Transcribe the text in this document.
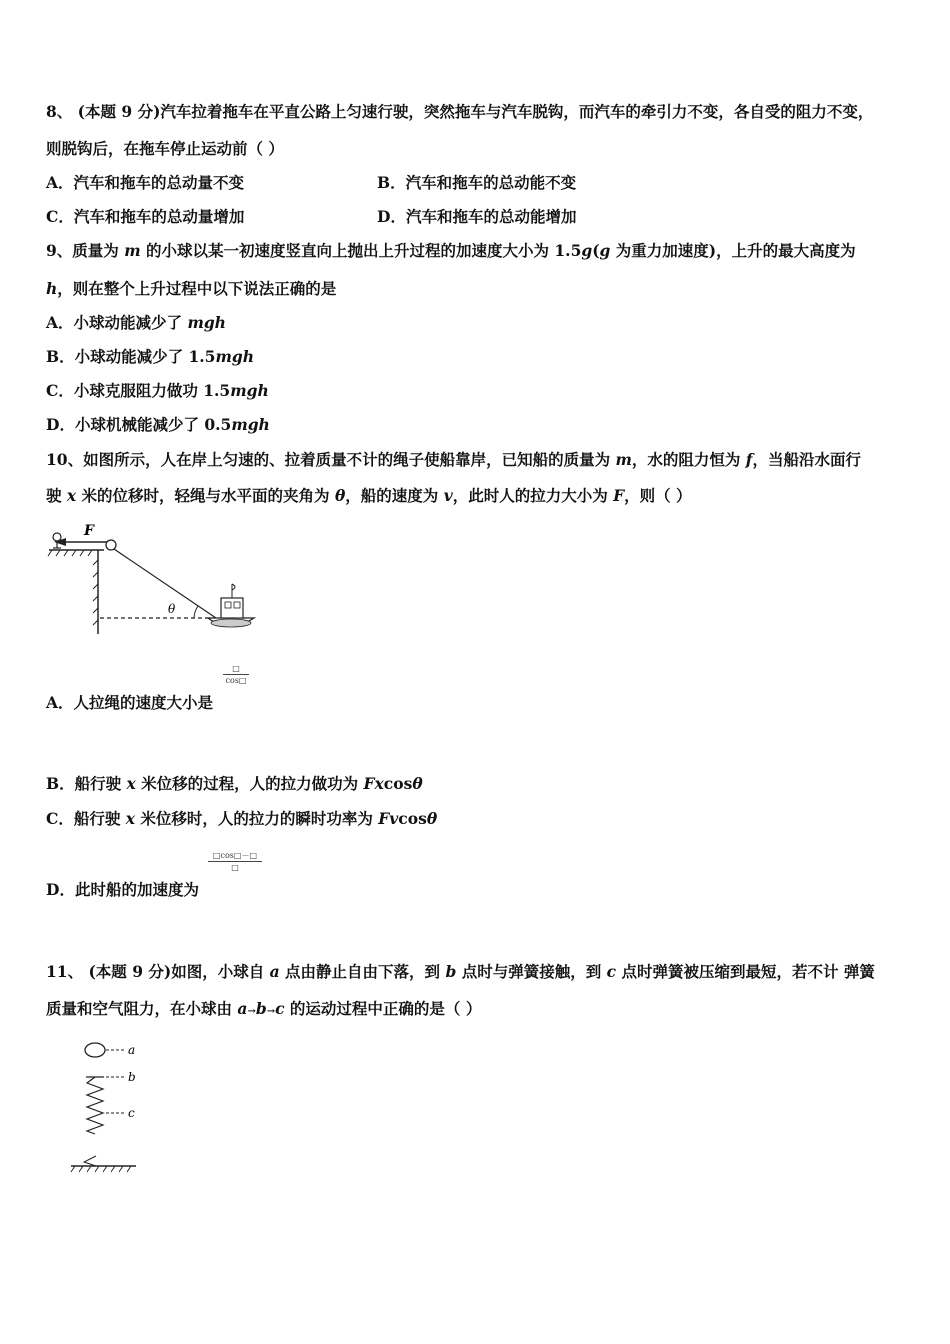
8、 (本题 9 分)汽车拉着拖车在平直公路上匀速行驶，突然拖车与汽车脱钩，而汽车的牵引力不变，各自受的阻力不变，
则脱钩后，在拖车停止运动前（ ）
A．汽车和拖车的总动量不变	B．汽车和拖车的总动能不变
C．汽车和拖车的总动量增加	D．汽车和拖车的总动能增加
9、质量为 m 的小球以某一初速度竖直向上抛出上升过程的加速度大小为 1.5g(g 为重力加速度)，上升的最大高度为
h，则在整个上升过程中以下说法正确的是
A．小球动能减少了 mgh
B．小球动能减少了 1.5mgh
C．小球克服阻力做功 1.5mgh
D．小球机械能减少了 0.5mgh
10、如图所示，人在岸上匀速的、拉着质量不计的绳子使船靠岸，已知船的质量为 m，水的阻力恒为 f，当船沿水面行
驶 x 米的位移时，轻绳与水平面的夹角为 θ，船的速度为 v，此时人的拉力大小为 F，则（ ）
F
θ
□
cos□
A．人拉绳的速度大小是
B．船行驶 x 米位移的过程，人的拉力做功为 Fxcosθ
C．船行驶 x 米位移时，人的拉力的瞬时功率为 Fvcosθ
□cos□－□
□
D．此时船的加速度为
11、 (本题 9 分)如图，小球自 a 点由静止自由下落，到 b 点时与弹簧接触，到 c 点时弹簧被压缩到最短，若不计 弹簧
质量和空气阻力，在小球由 a→b→c 的运动过程中正确的是（ ）
a
b
c
